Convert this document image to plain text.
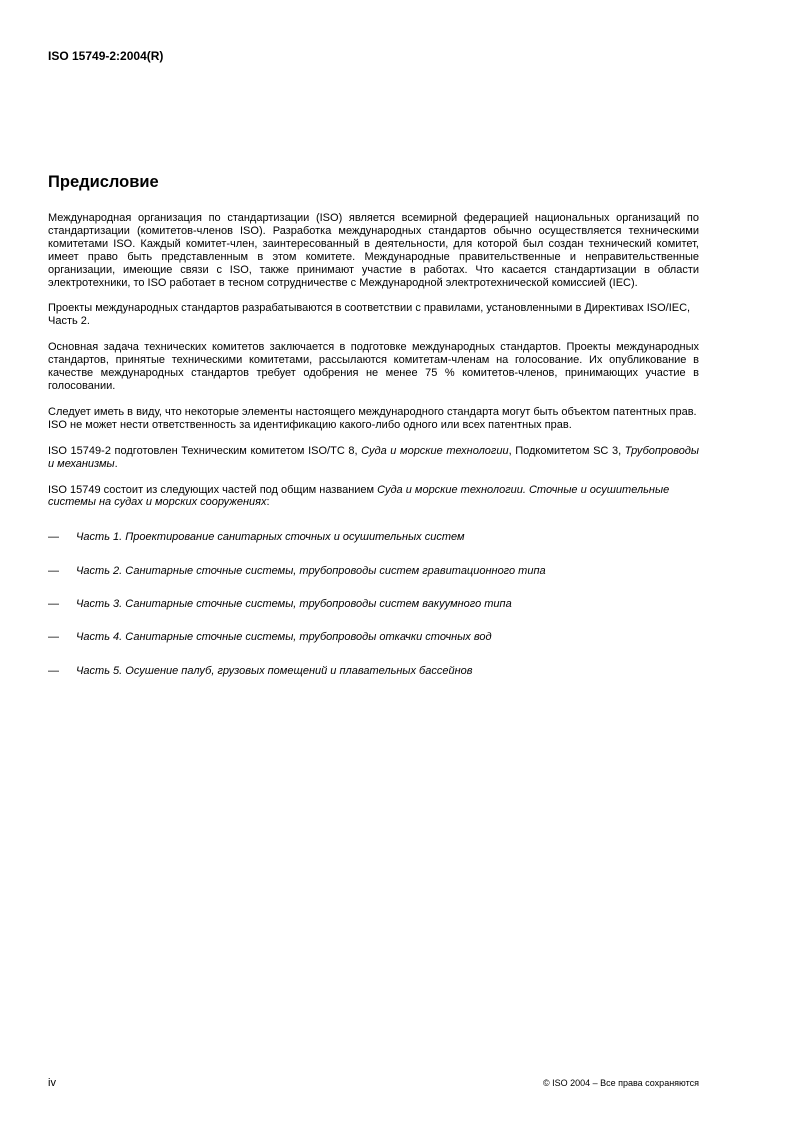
ISO 15749-2:2004(R)

Предисловие

Международная организация по стандартизации (ISO) является всемирной федерацией национальных организаций по стандартизации (комитетов-членов ISO). Разработка международных стандартов обычно осуществляется техническими комитетами ISO. Каждый комитет-член, заинтересованный в деятельности, для которой был создан технический комитет, имеет право быть представленным в этом комитете. Международные правительственные и неправительственные организации, имеющие связи с ISO, также принимают участие в работах. Что касается стандартизации в области электротехники, то ISO работает в тесном сотрудничестве с Международной электротехнической комиссией (IEC).

Проекты международных стандартов разрабатываются в соответствии с правилами, установленными в Директивах ISO/IEC, Часть 2.

Основная задача технических комитетов заключается в подготовке международных стандартов. Проекты международных стандартов, принятые техническими комитетами, рассылаются комитетам-членам на голосование. Их опубликование в качестве международных стандартов требует одобрения не менее 75 % комитетов-членов, принимающих участие в голосовании.

Следует иметь в виду, что некоторые элементы настоящего международного стандарта могут быть объектом патентных прав. ISO не может нести ответственность за идентификацию какого-либо одного или всех патентных прав.

ISO 15749-2 подготовлен Техническим комитетом ISO/TC 8, Суда и морские технологии, Подкомитетом SC 3, Трубопроводы и механизмы.

ISO 15749 состоит из следующих частей под общим названием Суда и морские технологии. Сточные и осушительные системы на судах и морских сооружениях:

—	Часть 1. Проектирование санитарных сточных и осушительных систем
—	Часть 2. Санитарные сточные системы, трубопроводы систем гравитационного типа
—	Часть 3. Санитарные сточные системы, трубопроводы систем вакуумного типа
—	Часть 4. Санитарные сточные системы, трубопроводы откачки сточных вод
—	Часть 5. Осушение палуб, грузовых помещений и плавательных бассейнов

iv	© ISO 2004 – Все права сохраняются
